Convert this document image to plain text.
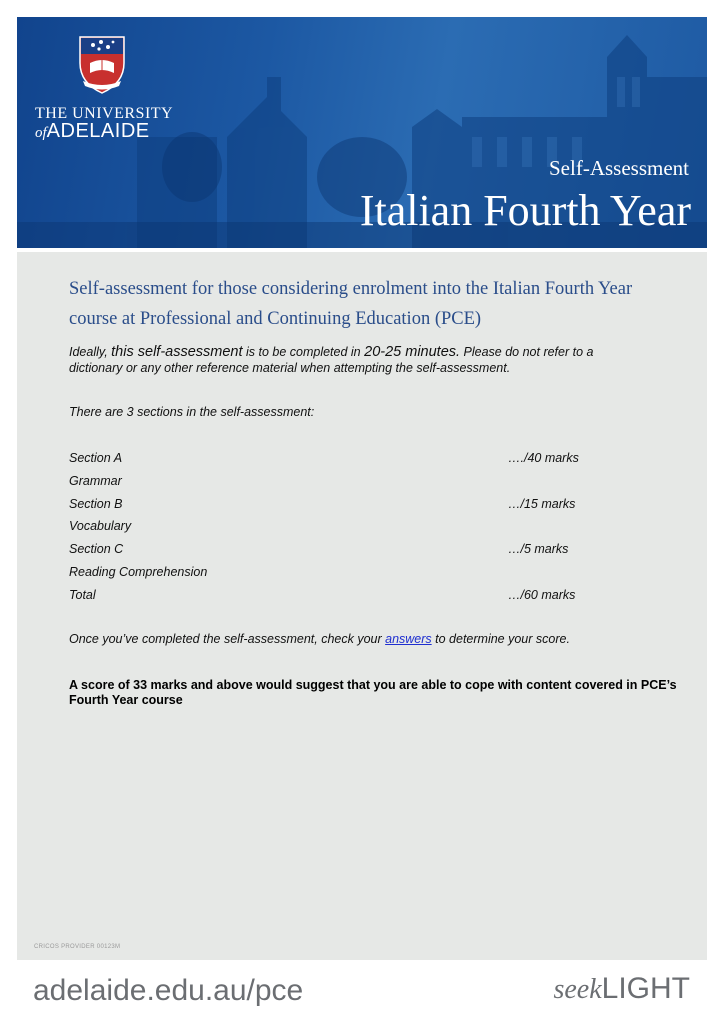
THE UNIVERSITY
ofADELAIDE
Self-Assessment
Italian Fourth Year
Self-assessment for those considering enrolment into the Italian Fourth Year course at Professional and Continuing Education (PCE)
Ideally, this self-assessment is to be completed in 20-25 minutes. Please do not refer to a dictionary or any other reference material when attempting the self-assessment.
There are 3 sections in the self-assessment:
Section A	…./40 marks
Grammar
Section B	…/15 marks
Vocabulary
Section C	…/5 marks
Reading Comprehension
Total	…/60 marks
Once you’ve completed the self-assessment, check your answers to determine your score.
A score of 33 marks and above would suggest that you are able to cope with content covered in PCE’s Fourth Year course
CRICOS PROVIDER 00123M
adelaide.edu.au/pce	seekLIGHT
